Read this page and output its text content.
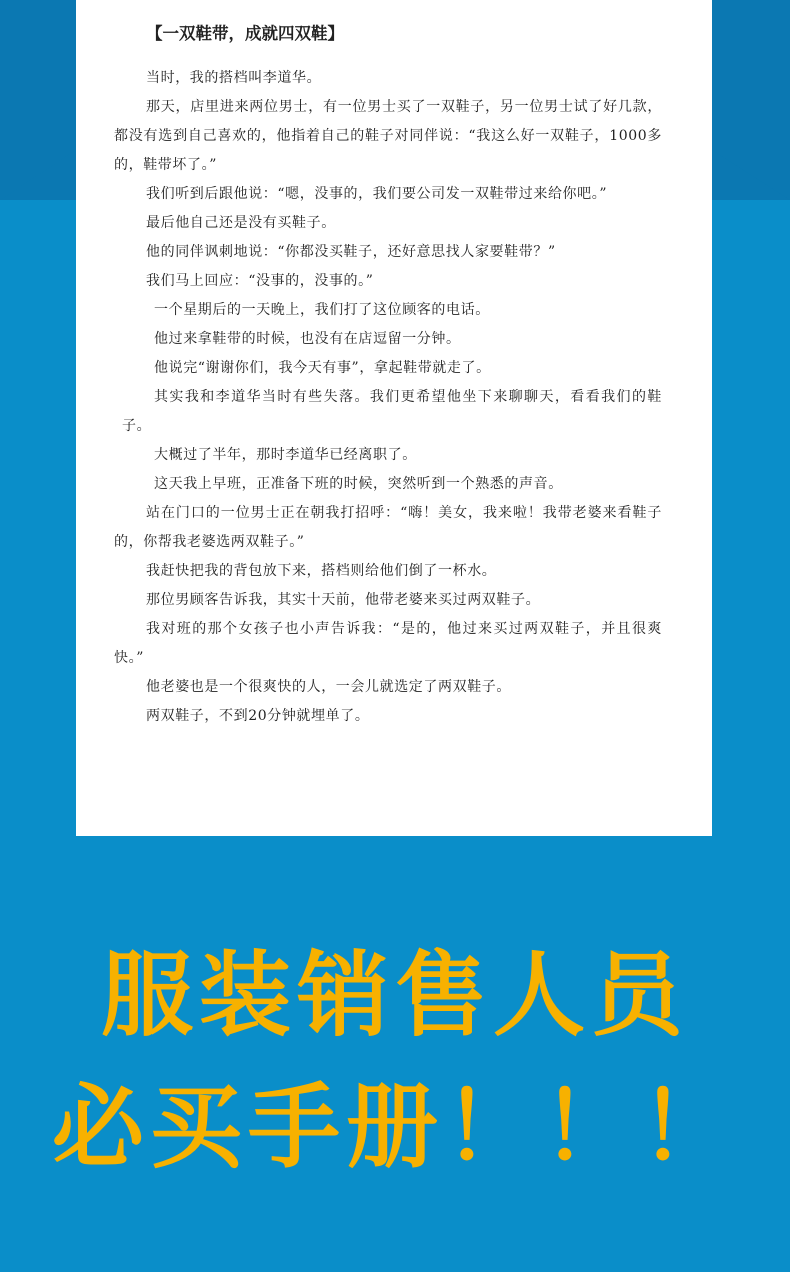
【一双鞋带，成就四双鞋】

当时，我的搭档叫李道华。

那天，店里进来两位男士，有一位男士买了一双鞋子，另一位男士试了好几款，都没有选到自己喜欢的，他指着自己的鞋子对同伴说：“我这么好一双鞋子，1000多的，鞋带坏了。”

我们听到后跟他说：“嗯，没事的，我们要公司发一双鞋带过来给你吧。”

最后他自己还是没有买鞋子。

他的同伴讽刺地说：“你都没买鞋子，还好意思找人家要鞋带？”

我们马上回应：“没事的，没事的。”

一个星期后的一天晚上，我们打了这位顾客的电话。

他过来拿鞋带的时候，也没有在店逗留一分钟。

他说完“谢谢你们，我今天有事”，拿起鞋带就走了。

其实我和李道华当时有些失落。我们更希望他坐下来聊聊天，看看我们的鞋子。

大概过了半年，那时李道华已经离职了。

这天我上早班，正准备下班的时候，突然听到一个熟悉的声音。

站在门口的一位男士正在朝我打招呼：“嗨！美女，我来啦！我带老婆来看鞋子的，你帮我老婆选两双鞋子。”

我赶快把我的背包放下来，搭档则给他们倒了一杯水。

那位男顾客告诉我，其实十天前，他带老婆来买过两双鞋子。

我对班的那个女孩子也小声告诉我：“是的，他过来买过两双鞋子，并且很爽快。”

他老婆也是一个很爽快的人，一会儿就选定了两双鞋子。

两双鞋子，不到20分钟就埋单了。

服装销售人员
必买手册！！！
